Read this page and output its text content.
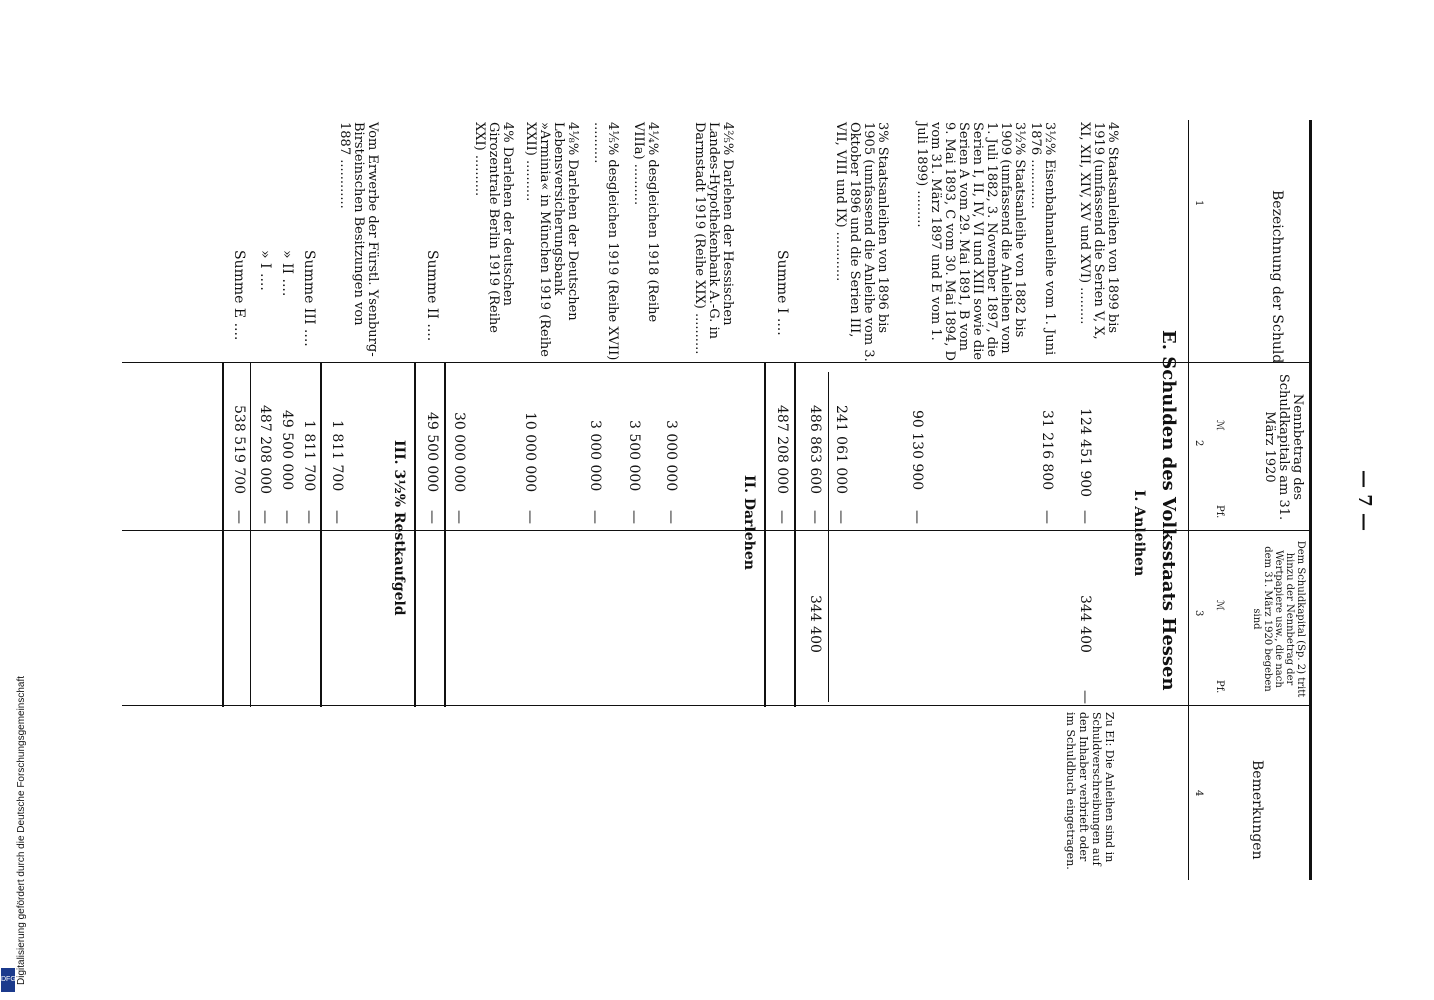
— 7 —
Bezeichnung der Schuld
Nennbetrag des Schuldkapitals am 31. März 1920
Dem Schuldkapital (Sp. 2) tritt hinzu der Nennbetrag der Wertpapiere usw., die nach dem 31. März 1920 begeben sind
Bemerkungen
1
2
3
4
ℳ
Pf.
ℳ
Pf.
E. Schulden des Volksstaats Hessen
I. Anleihen
4% Staatsanleihen von 1899 bis 1919 (umfassend die Serien V, X, XI, XII, XIV, XV und XVI) .........
124 451 900
—
344 400
—
3½% Eisenbahnanleihe vom 1. Juni 1876 ............
31 216 800
—
3½% Staatsanleihe von 1882 bis 1909 (umfassend die Anleihen vom 1. Juli 1882, 3. November 1897, die Serien I, II, IV, VI und XIII sowie die Serien A vom 29. Mai 1891, B vom 9. Mai 1893, C vom 30. Mai 1894, D vom 31. März 1897 und E vom 1. Juli 1899) .........
90 130 900
—
3% Staatsanleihen von 1896 bis 1905 (umfassend die Anleihe vom 3. Oktober 1896 und die Serien III, VII, VIII und IX) ............
241 061 000
—
486 863 600
—
344 400
Summe I ....
487 208 000
—
II. Darlehen
4⅖% Darlehen der Hessischen Landes-Hypothekenbank A.-G. in Darmstadt 1919 (Reihe XIX) ..........
3 000 000
—
4¼% desgleichen 1918 (Reihe VIIIa) ..........
3 500 000
—
4⅕% desgleichen 1919 (Reihe XVII) ..........
3 000 000
—
4⅛% Darlehen der Deutschen Lebensversicherungsbank »Arminia« in München 1919 (Reihe XXII) ..........
10 000 000
—
4% Darlehen der deutschen Girozentrale Berlin 1919 (Reihe XXI) ..........
30 000 000
—
Summe II ....
49 500 000
—
III. 3½% Restkaufgeld
Vom Erwerbe der Fürstl. Ysenburg-Birsteinschen Besitzungen von 1887 ............
1 811 700
—
Summe III ....
1 811 700
—
» II ....
49 500 000
—
» I ....
487 208 000
—
Summe E ....
538 519 700
—
Zu EI: Die Anleihen sind in Schuldverschreibungen auf den Inhaber verbrieft oder im Schuldbuch eingetragen.
Digitalisierung gefördert durch die Deutsche Forschungsgemeinschaft
DFG
